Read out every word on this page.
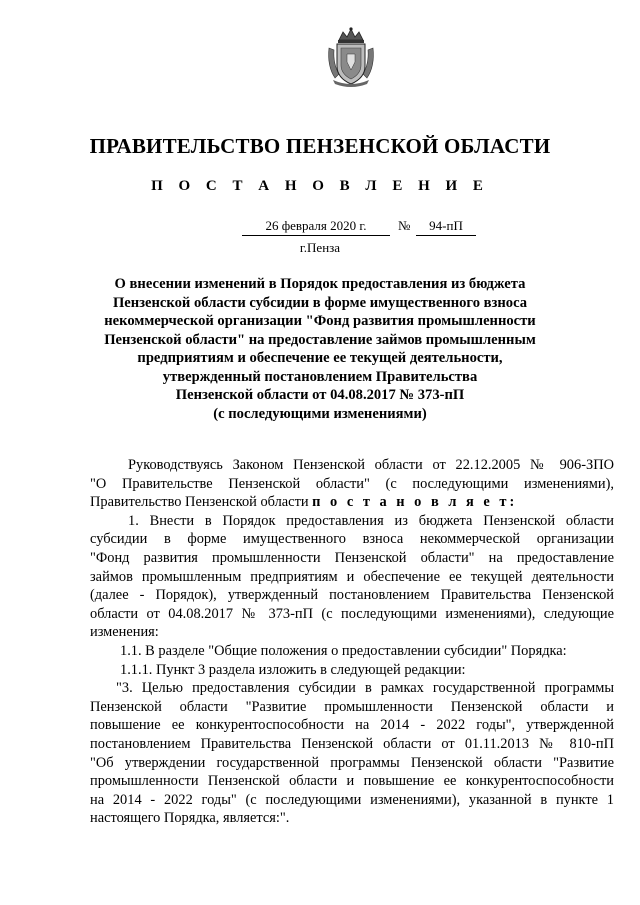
ПРАВИТЕЛЬСТВО ПЕНЗЕНСКОЙ ОБЛАСТИ
П О С Т А Н О В Л Е Н И Е
26 февраля 2020 г.	№	94-пП
г.Пенза
О внесении изменений в Порядок предоставления из бюджета
Пензенской области субсидии в форме имущественного взноса
некоммерческой организации "Фонд развития промышленности
Пензенской области" на предоставление займов промышленным
предприятиям и обеспечение ее текущей деятельности,
утвержденный постановлением Правительства
Пензенской области от 04.08.2017 № 373-пП
(с последующими изменениями)
Руководствуясь Законом Пензенской области от 22.12.2005 № 906-ЗПО
"О Правительстве Пензенской области" (с последующими изменениями),
Правительство Пензенской области п о с т а н о в л я е т:
1. Внести в Порядок предоставления из бюджета Пензенской области
субсидии в форме имущественного взноса некоммерческой организации
"Фонд развития промышленности Пензенской области" на предоставление
займов промышленным предприятиям и обеспечение ее текущей деятельности
(далее - Порядок), утвержденный постановлением Правительства Пензенской
области от 04.08.2017 № 373-пП (с последующими изменениями), следующие
изменения:
1.1. В разделе "Общие положения о предоставлении субсидии" Порядка:
1.1.1. Пункт 3 раздела изложить в следующей редакции:
"3. Целью предоставления субсидии в рамках государственной программы
Пензенской области "Развитие промышленности Пензенской области и
повышение ее конкурентоспособности на 2014 - 2022 годы", утвержденной
постановлением Правительства Пензенской области от 01.11.2013 № 810-пП
"Об утверждении государственной программы Пензенской области "Развитие
промышленности Пензенской области и повышение ее конкурентоспособности
на 2014 - 2022 годы" (с последующими изменениями), указанной в пункте 1
настоящего Порядка, является:".
